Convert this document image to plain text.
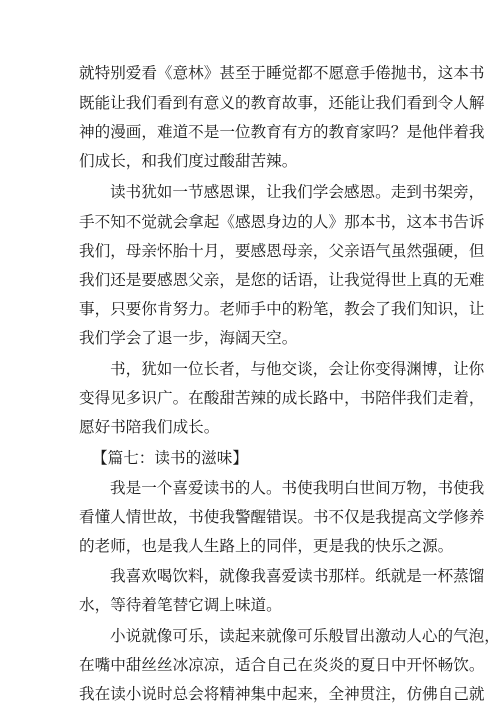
就特别爱看《意林》甚至于睡觉都不愿意手倦抛书，这本书
既能让我们看到有意义的教育故事，还能让我们看到令人解
神的漫画，难道不是一位教育有方的教育家吗？是他伴着我
们成长，和我们度过酸甜苦辣。
读书犹如一节感恩课，让我们学会感恩。走到书架旁，
手不知不觉就会拿起《感恩身边的人》那本书，这本书告诉
我们，母亲怀胎十月，要感恩母亲，父亲语气虽然强硬，但
我们还是要感恩父亲，是您的话语，让我觉得世上真的无难
事，只要你肯努力。老师手中的粉笔，教会了我们知识，让
我们学会了退一步，海阔天空。
书，犹如一位长者，与他交谈，会让你变得渊博，让你
变得见多识广。在酸甜苦辣的成长路中，书陪伴我们走着，
愿好书陪我们成长。
【篇七：读书的滋味】
我是一个喜爱读书的人。书使我明白世间万物，书使我
看懂人情世故，书使我警醒错误。书不仅是我提高文学修养
的老师，也是我人生路上的同伴，更是我的快乐之源。
我喜欢喝饮料，就像我喜爱读书那样。纸就是一杯蒸馏
水，等待着笔替它调上味道。
小说就像可乐，读起来就像可乐般冒出激动人心的气泡，
在嘴中甜丝丝冰凉凉，适合自己在炎炎的夏日中开怀畅饮。
我在读小说时总会将精神集中起来，全神贯注，仿佛自己就
